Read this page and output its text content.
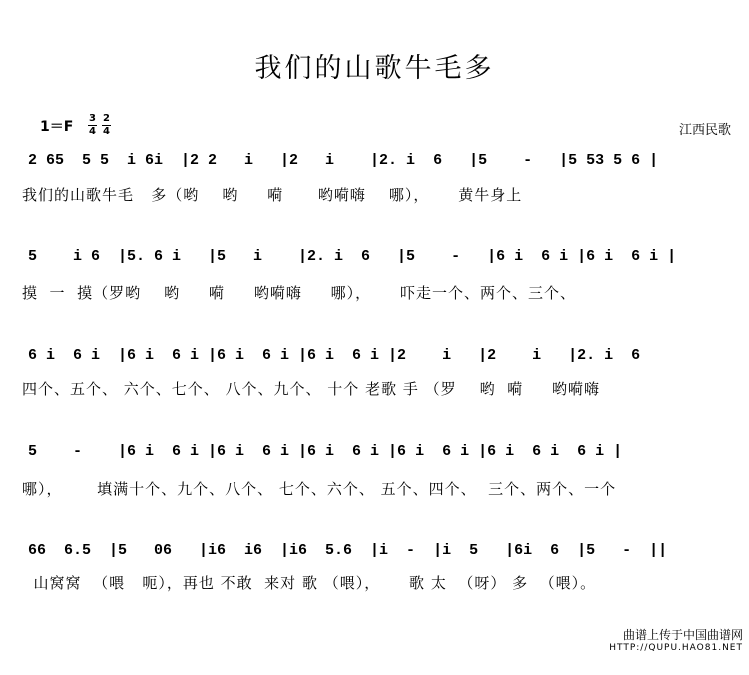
我们的山歌牛毛多
1＝F
3
4
2
4	江西民歌
2 65  5 5  i 6i  |2 2   i   |2   i    |2. i  6   |5    -   |5 53 5 6 |
我们的山歌牛毛   多（哟    哟     嗬      哟嗬嗨    哪），     黄牛身上
5    i 6  |5. 6 i   |5   i    |2. i  6   |5    -   |6 i  6 i |6 i  6 i |
摸  一  摸（罗哟    哟     嗬     哟嗬嗨     哪），     吓走一个、两个、三个、
6 i  6 i  |6 i  6 i |6 i  6 i |6 i  6 i |2    i   |2    i   |2. i  6
四个、五个、 六个、七个、 八个、九个、 十个 老歌 手 （罗    哟  嗬     哟嗬嗨
5    -    |6 i  6 i |6 i  6 i |6 i  6 i |6 i  6 i |6 i  6 i  6 i |
哪），      填满十个、九个、八个、 七个、六个、 五个、四个、  三个、两个、一个
66  6.5  |5   06   |i6  i6  |i6  5.6  |i  -  |i  5   |6i  6  |5   -  ||
山窝窝  （喂   呃），再也 不敢  来对 歌 （喂），     歌 太  （呀） 多  （喂）。
曲谱上传于中国曲谱网
HTTP://QUPU.HAO81.NET
